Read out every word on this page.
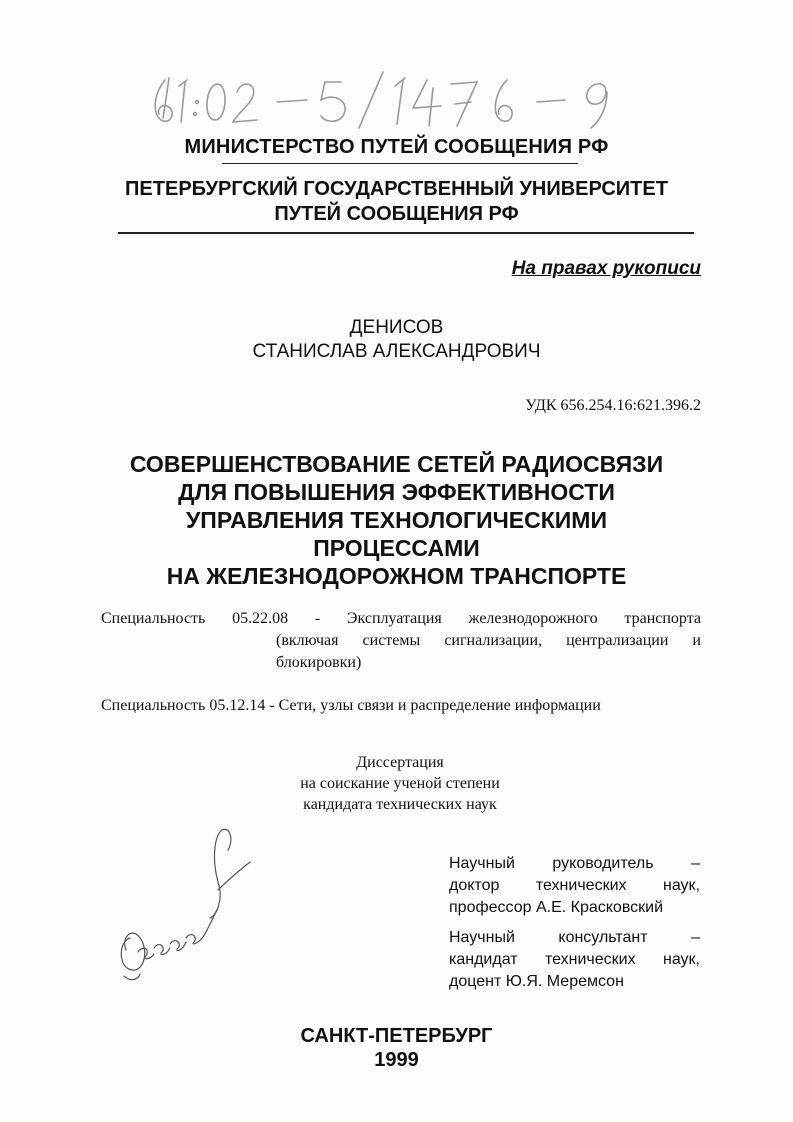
МИНИСТЕРСТВО ПУТЕЙ СООБЩЕНИЯ РФ
ПЕТЕРБУРГСКИЙ ГОСУДАРСТВЕННЫЙ УНИВЕРСИТЕТ
ПУТЕЙ СООБЩЕНИЯ РФ
На правах рукописи
ДЕНИСОВ
СТАНИСЛАВ АЛЕКСАНДРОВИЧ
УДК 656.254.16:621.396.2
СОВЕРШЕНСТВОВАНИЕ СЕТЕЙ РАДИОСВЯЗИ
ДЛЯ ПОВЫШЕНИЯ ЭФФЕКТИВНОСТИ
УПРАВЛЕНИЯ ТЕХНОЛОГИЧЕСКИМИ
ПРОЦЕССАМИ
НА ЖЕЛЕЗНОДОРОЖНОМ ТРАНСПОРТЕ
Специальность 05.22.08 - Эксплуатация железнодорожного транспорта
(включая системы сигнализации, централизации и
блокировки)
Специальность 05.12.14 - Сети, узлы связи и распределение информации
Диссертация
на соискание ученой степени
кандидата технических наук
Научный руководитель –
доктор технических наук,
профессор А.Е. Красковский
Научный консультант –
кандидат технических наук,
доцент Ю.Я. Меремсон
САНКТ-ПЕТЕРБУРГ
1999
